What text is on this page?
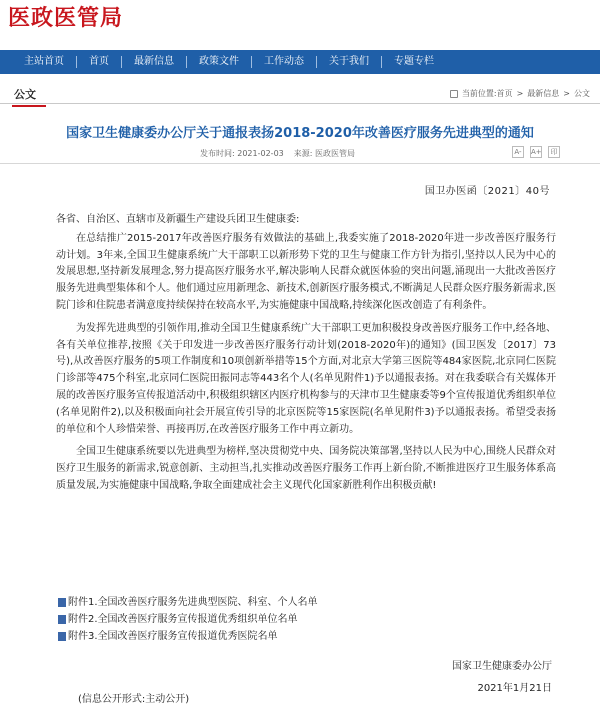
医政医管局
主站首页	首页	最新信息	政策文件	工作动态	关于我们	专题专栏
公文	当前位置:首页 > 最新信息 > 公文
国家卫生健康委办公厅关于通报表扬2018-2020年改善医疗服务先进典型的通知
发布时间: 2021-02-03 来源: 医政医管局	A-	A+	印
国卫办医函〔2021〕40号

各省、自治区、直辖市及新疆生产建设兵团卫生健康委:

在总结推广2015-2017年改善医疗服务有效做法的基础上,我委实施了2018-2020年进一步改善医疗服务行动计划。3年来,全国卫生健康系统广大干部职工以新形势下党的卫生与健康工作方针为指引,坚持以人民为中心的发展思想,坚持新发展理念,努力提高医疗服务水平,解决影响人民群众就医体验的突出问题,涌现出一大批改善医疗服务先进典型集体和个人。他们通过应用新理念、新技术,创新医疗服务模式,不断满足人民群众医疗服务新需求,医院门诊和住院患者满意度持续保持在较高水平,为实施健康中国战略,持续深化医改创造了有利条件。

为发挥先进典型的引领作用,推动全国卫生健康系统广大干部职工更加积极投身改善医疗服务工作中,经各地、各有关单位推荐,按照《关于印发进一步改善医疗服务行动计划(2018-2020年)的通知》(国卫医发〔2017〕73号),从改善医疗服务的5项工作制度和10项创新举措等15个方面,对北京大学第三医院等484家医院,北京同仁医院门诊部等475个科室,北京同仁医院田振同志等443名个人(名单见附件1)予以通报表扬。对在我委联合有关媒体开展的改善医疗服务宣传报道活动中,积极组织辖区内医疗机构参与的天津市卫生健康委等9个宣传报道优秀组织单位(名单见附件2),以及积极面向社会开展宣传引导的北京医院等15家医院(名单见附件3)予以通报表扬。希望受表扬的单位和个人珍惜荣誉、再接再厉,在改善医疗服务工作中再立新功。

全国卫生健康系统要以先进典型为榜样,坚决贯彻党中央、国务院决策部署,坚持以人民为中心,围绕人民群众对医疗卫生服务的新需求,锐意创新、主动担当,扎实推动改善医疗服务工作再上新台阶,不断推进医疗卫生服务体系高质量发展,为实施健康中国战略,争取全面建成社会主义现代化国家新胜利作出积极贡献!

附件1.全国改善医疗服务先进典型医院、科室、个人名单
附件2.全国改善医疗服务宣传报道优秀组织单位名单
附件3.全国改善医疗服务宣传报道优秀医院名单
国家卫生健康委办公厅
2021年1月21日
(信息公开形式:主动公开)
